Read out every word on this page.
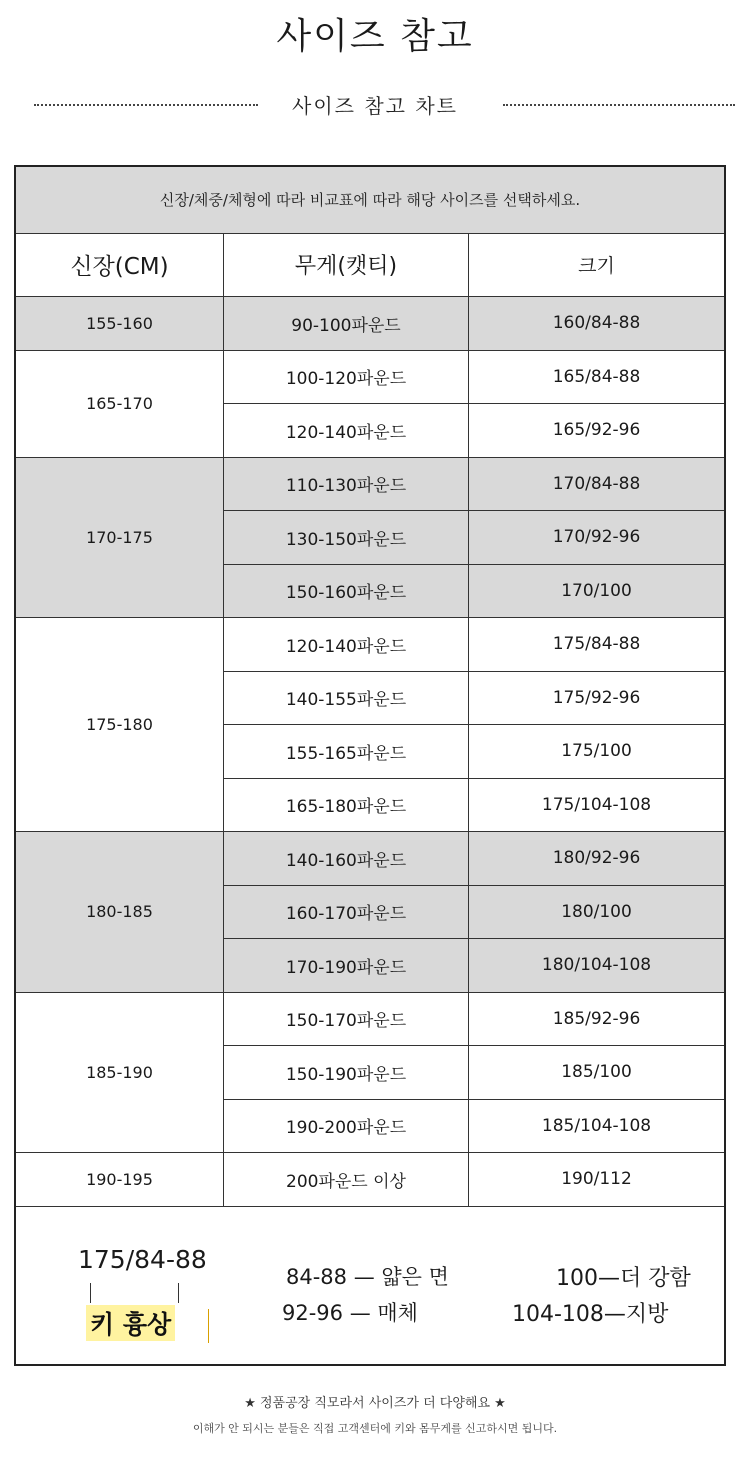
사이즈 참고
사이즈 참고 차트
신장/체중/체형에 따라 비교표에 따라 해당 사이즈를 선택하세요.
신장(CM)	무게(캣티)	크기
175/84-88
키 흉상
84-88 — 얇은 면
92-96 — 매체
100—더 강함
104-108—지방
155-160	90-100파운드	160/84-88
165-170
100-120파운드	165/84-88
120-140파운드	165/92-96
170-175
110-130파운드	170/84-88
130-150파운드	170/92-96
150-160파운드	170/100
175-180
120-140파운드	175/84-88
140-155파운드	175/92-96
155-165파운드	175/100
165-180파운드	175/104-108
180-185
140-160파운드	180/92-96
160-170파운드	180/100
170-190파운드	180/104-108
185-190
150-170파운드	185/92-96
150-190파운드	185/100
190-200파운드	185/104-108
190-195	200파운드 이상	190/112
★ 정품공장 직모라서 사이즈가 더 다양해요 ★
이해가 안 되시는 분들은 직접 고객센터에 키와 몸무게를 신고하시면 됩니다.
